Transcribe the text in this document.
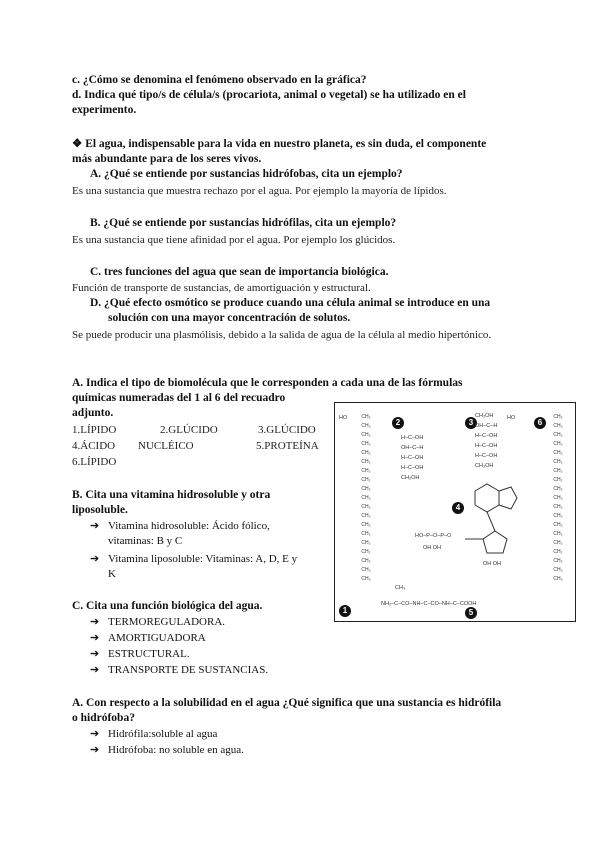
c. ¿Cómo se denomina el fenómeno observado en la gráfica?
d. Indica qué tipo/s de célula/s (procariota, animal o vegetal) se ha utilizado en el
experimento.
❖ El agua, indispensable para la vida en nuestro planeta, es sin duda, el componente
más abundante para de los seres vivos.
A. ¿Qué se entiende por sustancias hidrófobas, cita un ejemplo?
Es una sustancia que muestra rechazo por el agua. Por ejemplo la mayoría de lípidos.
B. ¿Qué se entiende por sustancias hidrófilas, cita un ejemplo?
Es una sustancia que tiene afinidad por el agua. Por ejemplo los glúcidos.
C. tres funciones del agua que sean de importancia biológica.
Función de transporte de sustancias, de amortiguación y estructural.
D. ¿Qué efecto osmótico se produce cuando una célula animal se introduce en una
solución con una mayor concentración de solutos.
Se puede producir una plasmólisis, debido a la salida de agua de la célula al medio hipertónico.
A. Indica el tipo de biomolécula que le corresponden a cada una de las fórmulas
químicas numeradas del 1 al 6 del recuadro
adjunto.
1.LÍPIDO	2.GLÚCIDO	3.GLÚCIDO
4.ÁCIDO NUCLÉICO	5.PROTEÍNA
6.LÍPIDO
B. Cita una vitamina hidrosoluble y otra
liposoluble.
➔ Vitamina hidrosoluble: Ácido fólico,
vitaminas: B y C
➔ Vitamina liposoluble: Vitaminas: A, D, E y
K
C. Cita una función biológica del agua.
➔ TERMOREGULADORA.
➔ AMORTIGUADORA
➔ ESTRUCTURAL.
➔ TRANSPORTE DE SUSTANCIAS.
A. Con respecto a la solubilidad en el agua ¿Qué significa que una sustancia es hidrófila
o hidrófoba?
➔ Hidrófila:soluble al agua
➔ Hidrófoba: no soluble en agua.
1
2	3
4
5
6
HO	CH₂
CH₂
CH₂
CH₂
CH₂
CH₂
CH₂
CH₂
CH₂
CH₂
CH₂
CH₂
CH₂
CH₂
CH₂
CH₂
CH₂
CH₂
CH₃
H–C–OH
OH–C–H
H–C–OH
H–C–OH
CH₂OH
CH₂OH
OH–C–H
H–C–OH
H–C–OH
H–C–OH
CH₂OH
HO	CH₂
CH₂
CH₂
CH₂
CH₂
CH₂
CH₂
CH₂
CH₂
CH₂
CH₂
CH₂
CH₂
CH₂
CH₂
CH₂
CH₂
CH₂
CH₃
HO–P–O–P–O
OH OH
OH OH
CH₃
NH₂–C–CO–NH–C–CO–NH–C–COOH
